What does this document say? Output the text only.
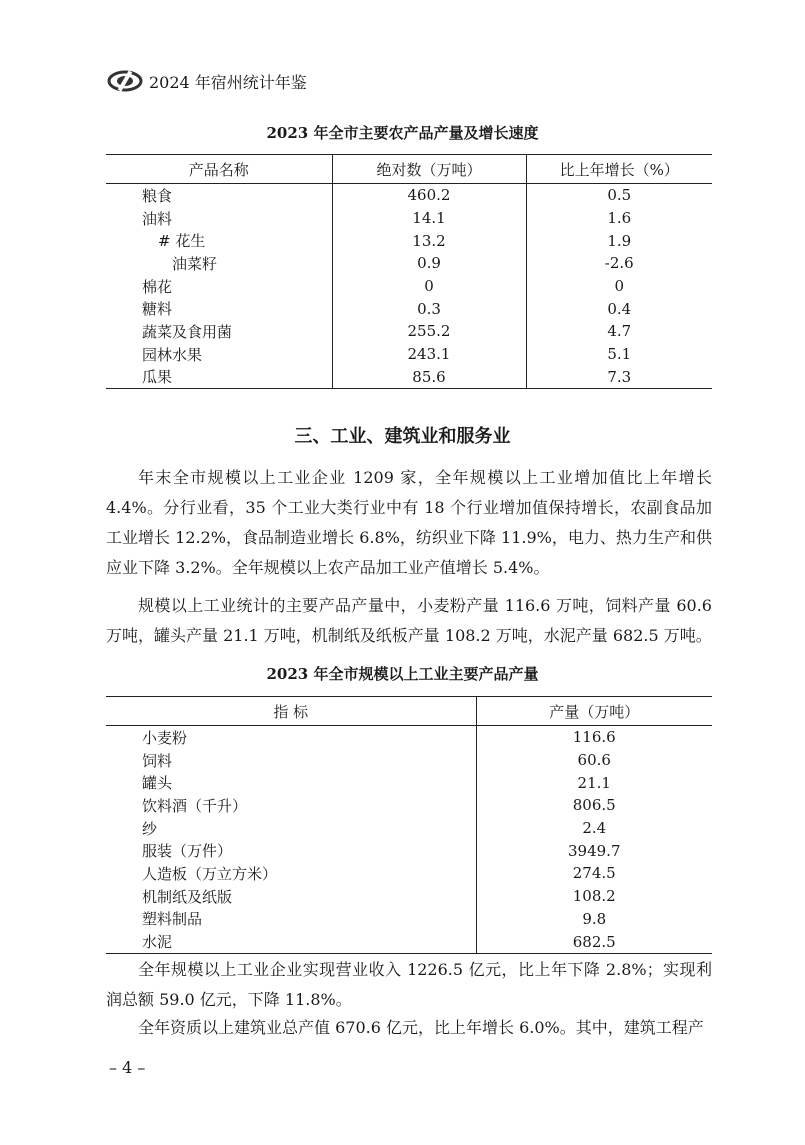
2024 年宿州统计年鉴
2023 年全市主要农产品产量及增长速度
产品名称	绝对数（万吨）	比上年增长（%）
粮食	460.2	0.5
油料	14.1	1.6
# 花生	13.2	1.9
油菜籽	0.9	-2.6
棉花	0	0
糖料	0.3	0.4
蔬菜及食用菌	255.2	4.7
园林水果	243.1	5.1
瓜果	85.6	7.3
三、工业、建筑业和服务业

年末全市规模以上工业企业 1209 家，全年规模以上工业增加值比上年增长 4.4%。分行业看，35 个工业大类行业中有 18 个行业增加值保持增长，农副食品加工业增长 12.2%，食品制造业增长 6.8%，纺织业下降 11.9%，电力、热力生产和供应业下降 3.2%。全年规模以上农产品加工业产值增长 5.4%。

规模以上工业统计的主要产品产量中，小麦粉产量 116.6 万吨，饲料产量 60.6 万吨，罐头产量 21.1 万吨，机制纸及纸板产量 108.2 万吨，水泥产量 682.5 万吨。

2023 年全市规模以上工业主要产品产量
指 标	产量（万吨）
小麦粉	116.6
饲料	60.6
罐头	21.1
饮料酒（千升）	806.5
纱	2.4
服装（万件）	3949.7
人造板（万立方米）	274.5
机制纸及纸版	108.2
塑料制品	9.8
水泥	682.5

全年规模以上工业企业实现营业收入 1226.5 亿元，比上年下降 2.8%；实现利润总额 59.0 亿元，下降 11.8%。

全年资质以上建筑业总产值 670.6 亿元，比上年增长 6.0%。其中，建筑工程产

– 4 –
